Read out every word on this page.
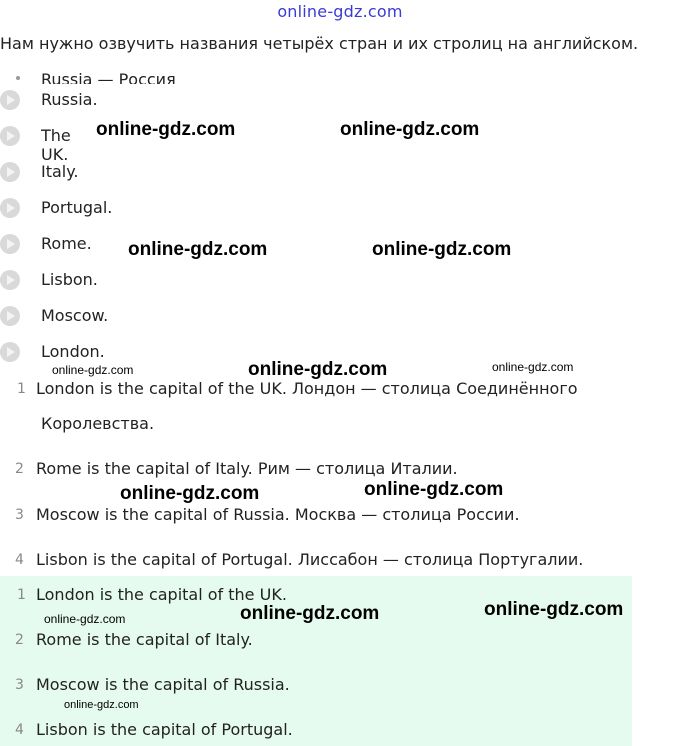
online-gdz.com
Нам нужно озвучить названия четырёх стран и их стролиц на английском.
Russia — Россия
Russia.
The UK.
Italy.
Portugal.
Rome.
Lisbon.
Moscow.
London.
1 London is the capital of the UK. Лондон — столица Соединённого
Королевства.
2 Rome is the capital of Italy. Рим — столица Италии.
3 Moscow is the capital of Russia. Москва — столица России.
4 Lisbon is the capital of Portugal. Лиссабон — столица Португалии.
1 London is the capital of the UK.
2 Rome is the capital of Italy.
3 Moscow is the capital of Russia.
4 Lisbon is the capital of Portugal.
online-gdz.com	online-gdz.com
online-gdz.com	online-gdz.com
online-gdz.com	online-gdz.com	online-gdz.com
online-gdz.com	online-gdz.com
online-gdz.com	online-gdz.com	online-gdz.com
online-gdz.com
